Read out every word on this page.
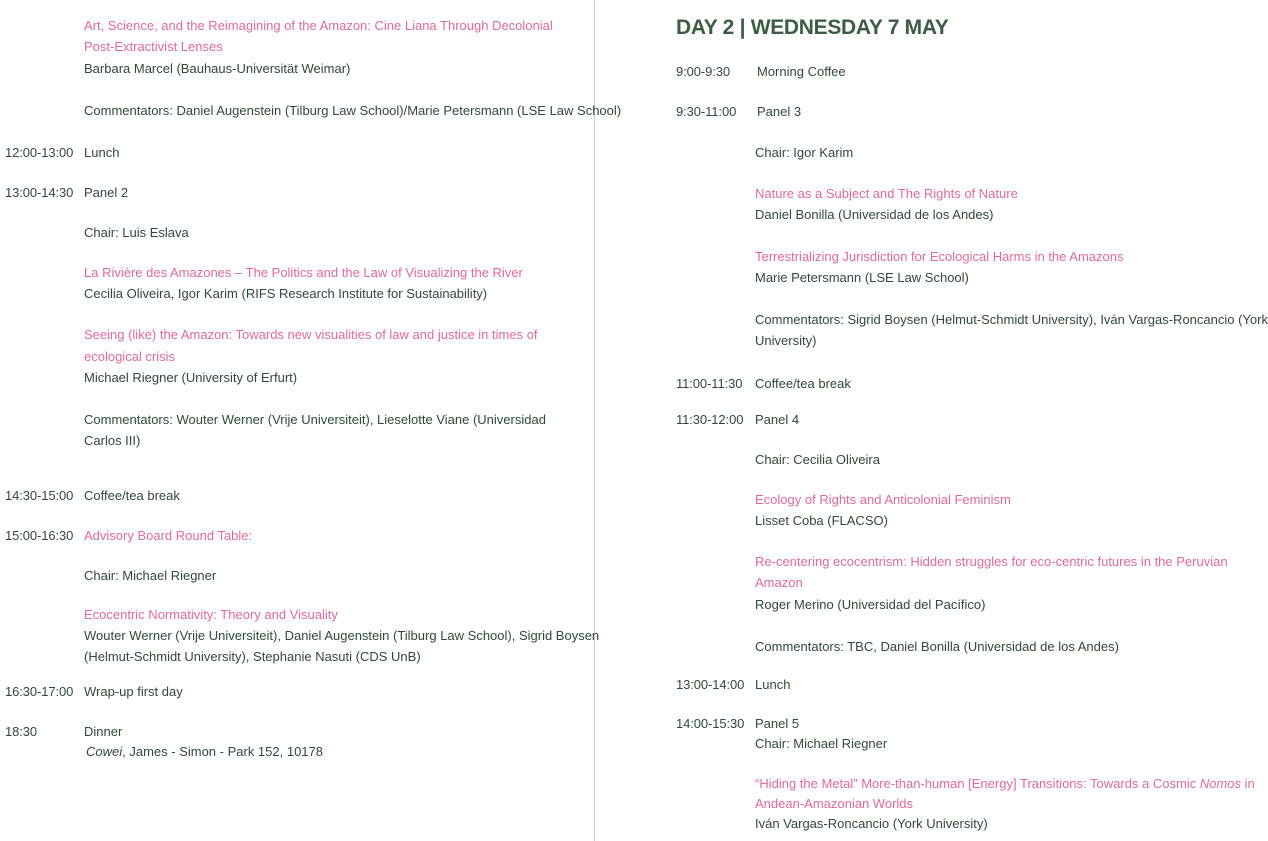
Art, Science, and the Reimagining of the Amazon: Cine Liana Through Decolonial
Post-Extractivist Lenses
Barbara Marcel (Bauhaus-Universität Weimar)
Commentators: Daniel Augenstein (Tilburg Law School)/Marie Petersmann (LSE Law School)
12:00-13:00 Lunch
13:00-14:30 Panel 2
Chair: Luis Eslava
La Rivière des Amazones – The Politics and the Law of Visualizing the River
Cecilia Oliveira, Igor Karim (RIFS Research Institute for Sustainability)
Seeing (like) the Amazon: Towards new visualities of law and justice in times of
ecological crisis
Michael Riegner (University of Erfurt)
Commentators: Wouter Werner (Vrije Universiteit), Lieselotte Viane (Universidad
Carlos III)
14:30-15:00 Coffee/tea break
15:00-16:30 Advisory Board Round Table:
Chair: Michael Riegner
Ecocentric Normativity: Theory and Visuality
Wouter Werner (Vrije Universiteit), Daniel Augenstein (Tilburg Law School), Sigrid Boysen
(Helmut-Schmidt University), Stephanie Nasuti (CDS UnB)
16:30-17:00 Wrap-up first day
18:30	Dinner
Cowei, James - Simon - Park 152, 10178
DAY 2 | WEDNESDAY 7 MAY
9:00-9:30 Morning Coffee
9:30-11:00 Panel 3
Chair: Igor Karim
Nature as a Subject and The Rights of Nature
Daniel Bonilla (Universidad de los Andes)
Terrestrializing Jurisdiction for Ecological Harms in the Amazons
Marie Petersmann (LSE Law School)
Commentators: Sigrid Boysen (Helmut-Schmidt University), Iván Vargas-Roncancio (York
University)
11:00-11:30 Coffee/tea break
11:30-12:00 Panel 4
Chair: Cecilia Oliveira
Ecology of Rights and Anticolonial Feminism
Lisset Coba (FLACSO)
Re-centering ecocentrism: Hidden struggles for eco-centric futures in the Peruvian
Amazon
Roger Merino (Universidad del Pacífico)
Commentators: TBC, Daniel Bonilla (Universidad de los Andes)
13:00-14:00 Lunch
14:00-15:30 Panel 5
Chair: Michael Riegner
“Hiding the Metal” More-than-human [Energy] Transitions: Towards a Cosmic Nomos in
Andean-Amazonian Worlds
Iván Vargas-Roncancio (York University)
